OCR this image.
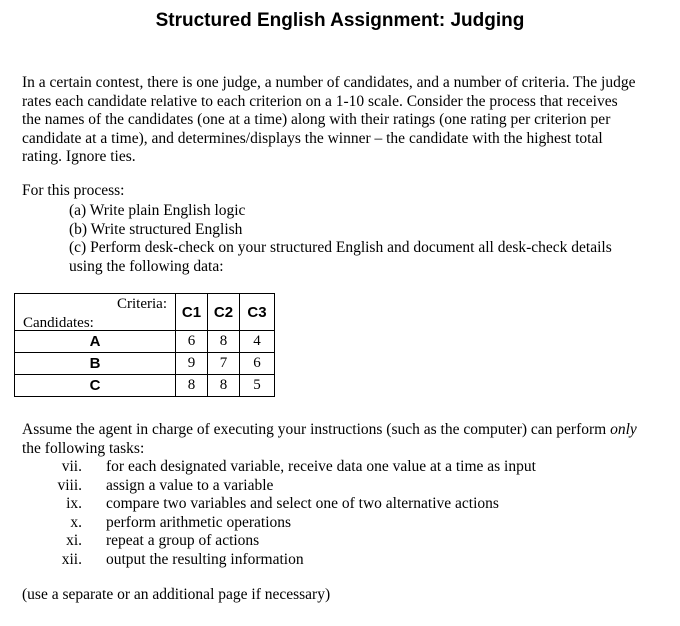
Structured English Assignment: Judging

In a certain contest, there is one judge, a number of candidates, and a number of criteria. The judge

rates each candidate relative to each criterion on a 1-10 scale. Consider the process that receives

the names of the candidates (one at a time) along with their ratings (one rating per criterion per

candidate at a time), and determines/displays the winner – the candidate with the highest total

rating. Ignore ties.

For this process:
(a) Write plain English logic
(b) Write structured English
(c) Perform desk-check on your structured English and document all desk-check details
using the following data:
Criteria:
Candidates:	C1	C2	C3

A	6	8	4
B	9	7	6
C	8	8	5
Assume the agent in charge of executing your instructions (such as the computer) can perform only
the following tasks:
vii.	for each designated variable, receive data one value at a time as input
viii.	assign a value to a variable
ix.	compare two variables and select one of two alternative actions
x.	perform arithmetic operations
xi.	repeat a group of actions
xii.	output the resulting information
(use a separate or an additional page if necessary)
